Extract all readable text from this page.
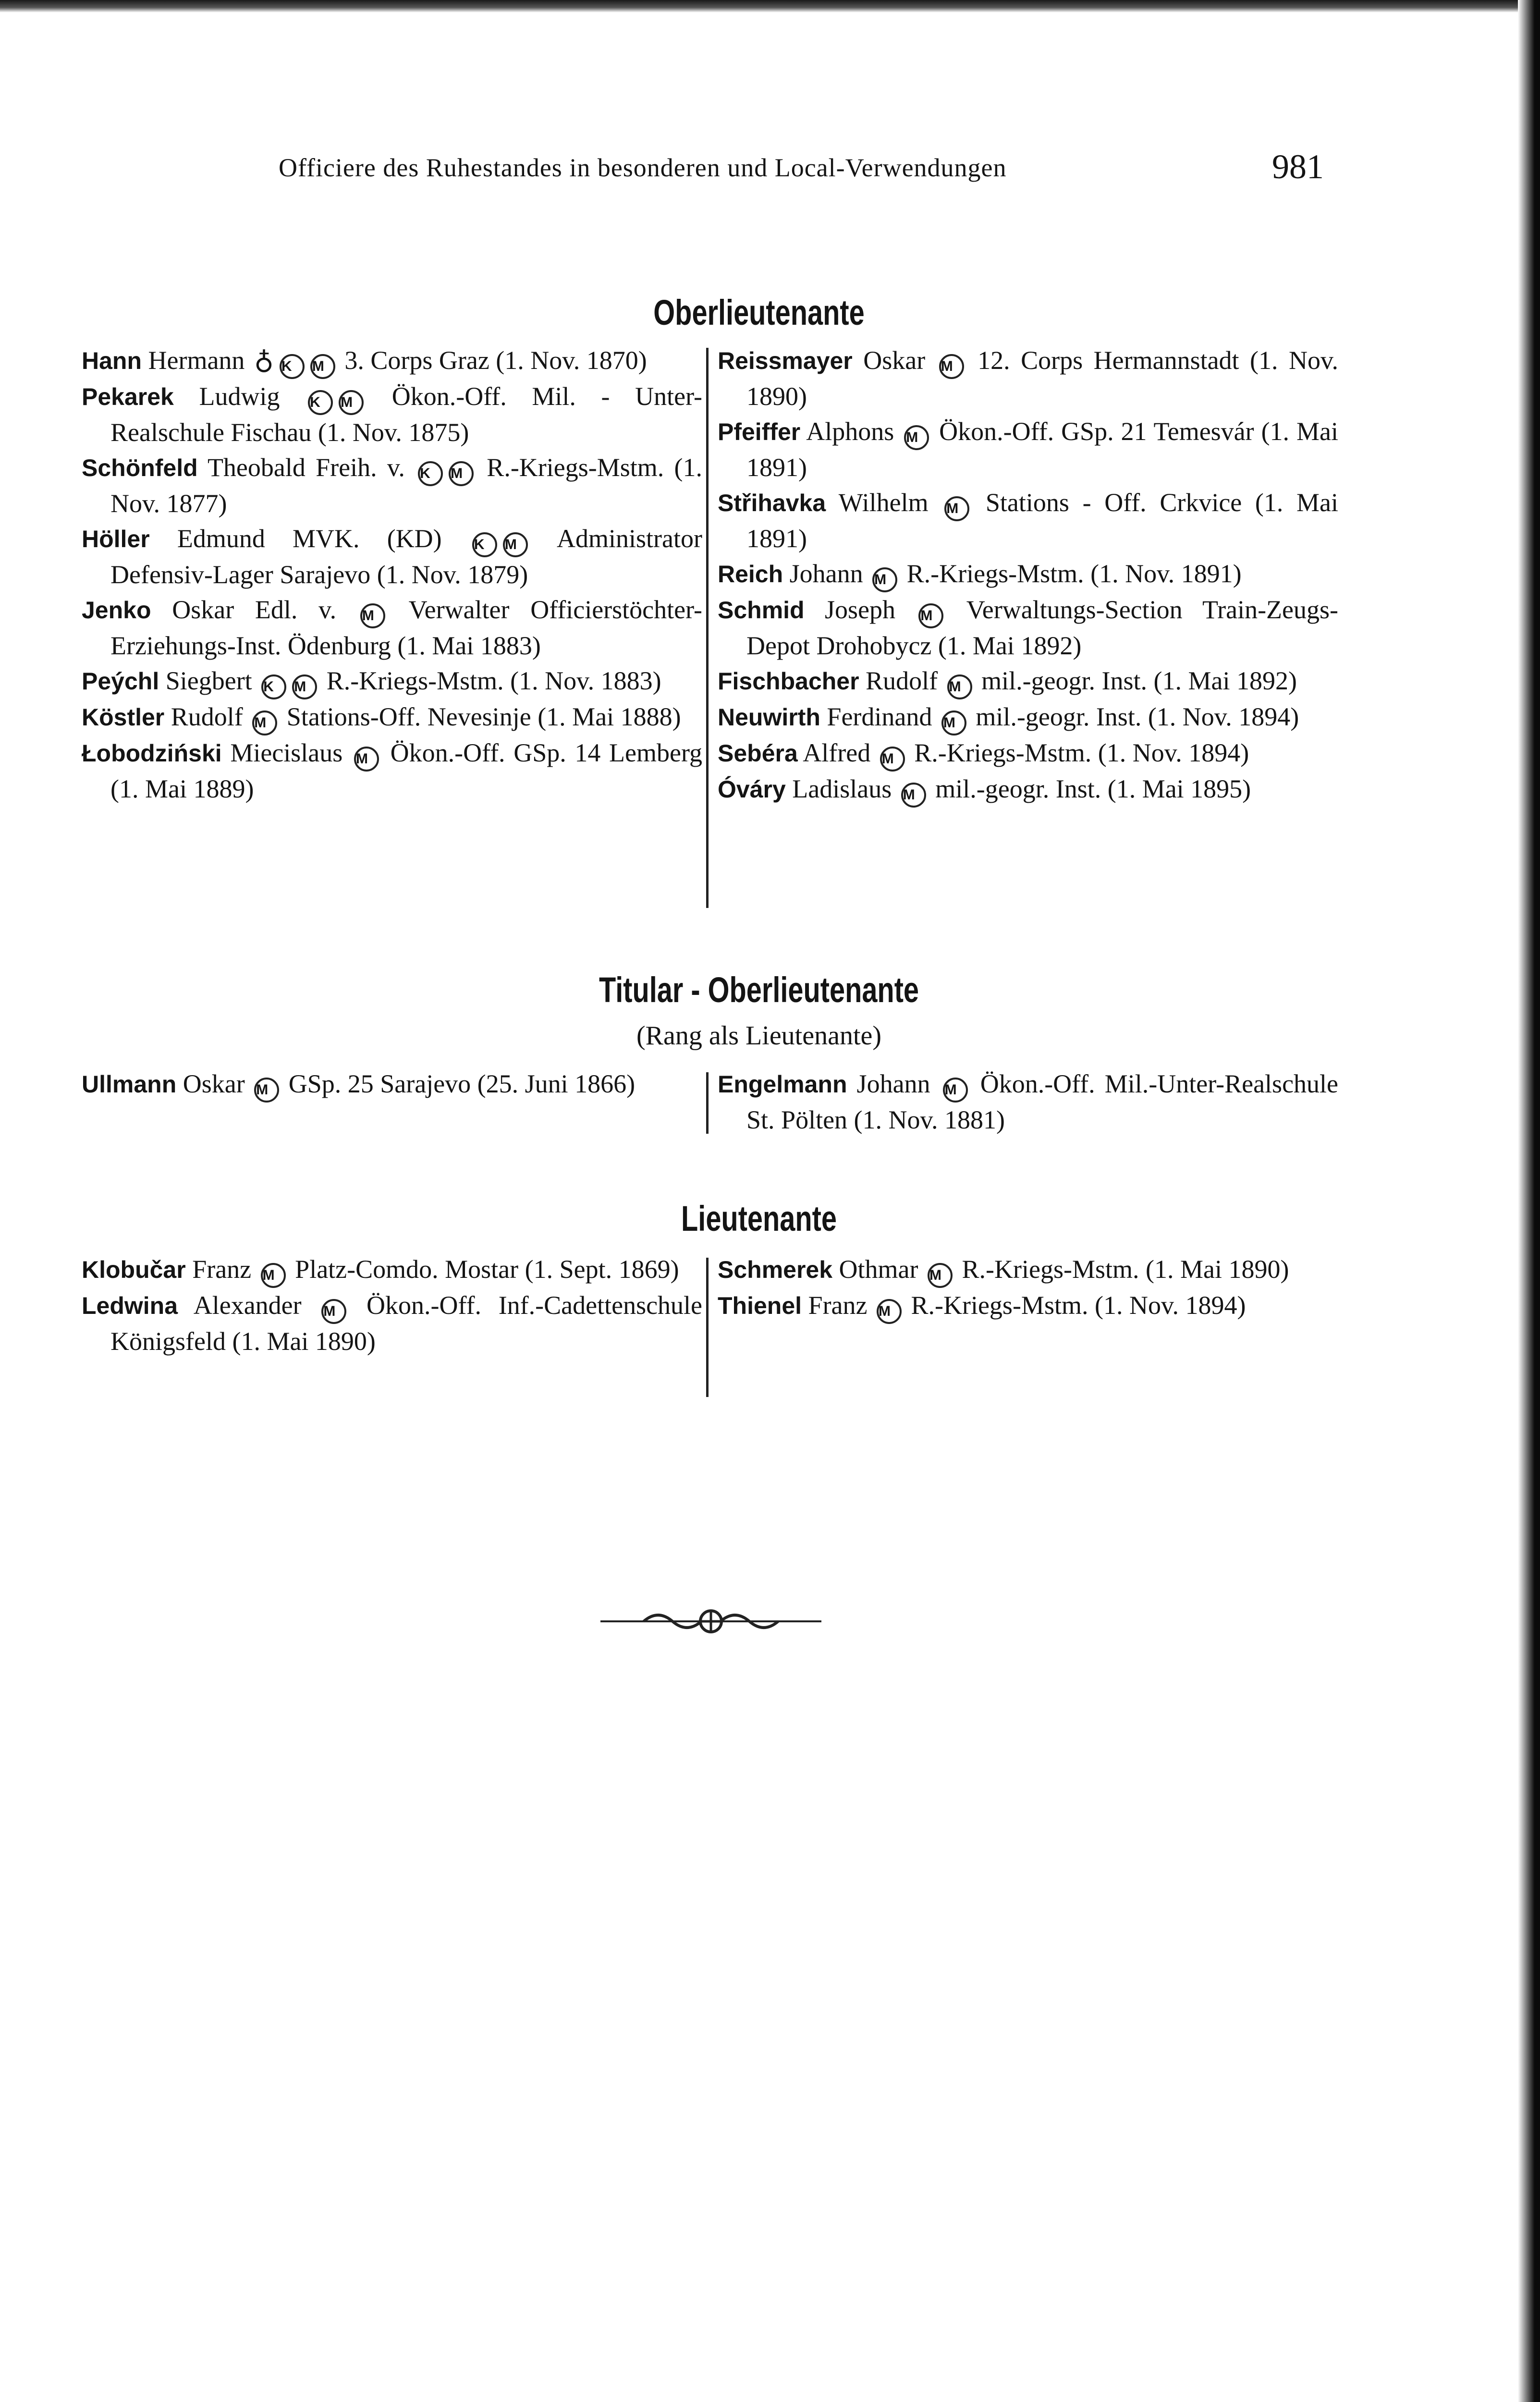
Officiere des Ruhestandes in besonderen und Local-Verwendungen	981
Oberlieutenante
Hann Hermann ♁ K M 3. Corps Graz (1. Nov. 1870)
Pekarek Ludwig K M Ökon.-Off. Mil. - Unter-Realschule Fischau (1. Nov. 1875)
Schönfeld Theobald Freih. v. K M R.-Kriegs-Mstm. (1. Nov. 1877)
Höller Edmund MVK. (KD) K M Administrator Defensiv-Lager Sarajevo (1. Nov. 1879)
Jenko Oskar Edl. v. M Verwalter Officierstöchter-Erziehungs-Inst. Ödenburg (1. Mai 1883)
Peýchl Siegbert K M R.-Kriegs-Mstm. (1. Nov. 1883)
Köstler Rudolf M Stations-Off. Nevesinje (1. Mai 1888)
Łobodziński Miecislaus M Ökon.-Off. GSp. 14 Lemberg (1. Mai 1889)
Reissmayer Oskar M 12. Corps Hermannstadt (1. Nov. 1890)
Pfeiffer Alphons M Ökon.-Off. GSp. 21 Temesvár (1. Mai 1891)
Střihavka Wilhelm M Stations - Off. Crkvice (1. Mai 1891)
Reich Johann M R.-Kriegs-Mstm. (1. Nov. 1891)
Schmid Joseph M Verwaltungs-Section Train-Zeugs-Depot Drohobycz (1. Mai 1892)
Fischbacher Rudolf M mil.-geogr. Inst. (1. Mai 1892)
Neuwirth Ferdinand M mil.-geogr. Inst. (1. Nov. 1894)
Sebéra Alfred M R.-Kriegs-Mstm. (1. Nov. 1894)
Óváry Ladislaus M mil.-geogr. Inst. (1. Mai 1895)
Titular - Oberlieutenante
(Rang als Lieutenante)
Ullmann Oskar M GSp. 25 Sarajevo (25. Juni 1866)	Engelmann Johann M Ökon.-Off. Mil.-Unter-Realschule St. Pölten (1. Nov. 1881)
Lieutenante
Klobučar Franz M Platz-Comdo. Mostar (1. Sept. 1869)
Ledwina Alexander M Ökon.-Off. Inf.-Cadettenschule Königsfeld (1. Mai 1890)
Schmerek Othmar M R.-Kriegs-Mstm. (1. Mai 1890)
Thienel Franz M R.-Kriegs-Mstm. (1. Nov. 1894)
